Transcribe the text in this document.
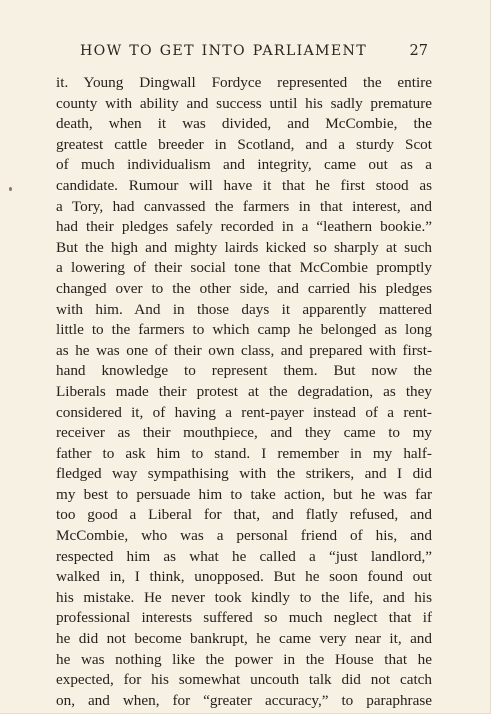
HOW TO GET INTO PARLIAMENT	27
it. Young Dingwall Fordyce represented the entire
county with ability and success until his sadly premature
death, when it was divided, and McCombie, the
greatest cattle breeder in Scotland, and a sturdy Scot
of much individualism and integrity, came out as a
candidate. Rumour will have it that he first stood as
a Tory, had canvassed the farmers in that interest, and
had their pledges safely recorded in a “leathern bookie.”
But the high and mighty lairds kicked so sharply at such
a lowering of their social tone that McCombie promptly
changed over to the other side, and carried his pledges
with him. And in those days it apparently mattered
little to the farmers to which camp he belonged as long
as he was one of their own class, and prepared with first-
hand knowledge to represent them. But now the
Liberals made their protest at the degradation, as they
considered it, of having a rent-payer instead of a rent-
receiver as their mouthpiece, and they came to my
father to ask him to stand. I remember in my half-
fledged way sympathising with the strikers, and I did
my best to persuade him to take action, but he was far
too good a Liberal for that, and flatly refused, and
McCombie, who was a personal friend of his, and
respected him as what he called a “just landlord,”
walked in, I think, unopposed. But he soon found out
his mistake. He never took kindly to the life, and his
professional interests suffered so much neglect that if
he did not become bankrupt, he came very near it, and
he was nothing like the power in the House that he
expected, for his somewhat uncouth talk did not catch
on, and when, for “greater accuracy,” to paraphrase
